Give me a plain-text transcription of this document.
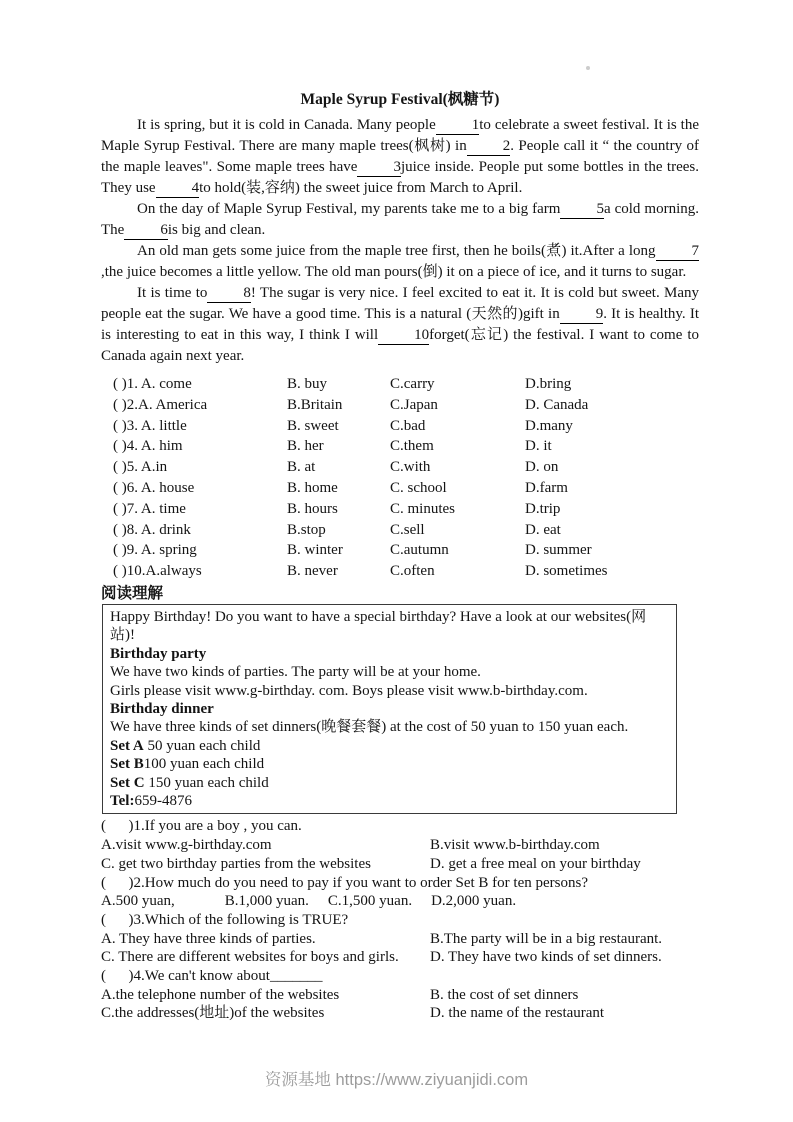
Maple Syrup Festival(枫糖节)
It is spring, but it is cold in Canada. Many people 1to celebrate a sweet festival. It is the Maple Syrup Festival. There are many maple trees(枫树) in 2. People call it “ the country of the maple leaves". Some maple trees have 3juice inside. People put some bottles in the trees. They use 4to hold(装,容纳) the sweet juice from March to April.
On the day of Maple Syrup Festival, my parents take me to a big farm 5a cold morning. The 6is big and clean.
An old man gets some juice from the maple tree first, then he boils(煮) it.After a long 7,the juice becomes a little yellow. The old man pours(倒) it on a piece of ice, and it turns to sugar.
It is time to 8! The sugar is very nice. I feel excited to eat it. It is cold but sweet. Many people eat the sugar. We have a good time. This is a natural (天然的)gift in 9. It is healthy. It is interesting to eat in this way, I think I will 10forget(忘记) the festival. I want to come to Canada again next year.
( )1. A. come	B. buy	C.carry	D.bring
( )2.A. America	B.Britain	C.Japan	D. Canada
( )3. A. little	B. sweet	C.bad	D.many
( )4. A. him	B. her	C.them	D. it
( )5. A.in	B. at	C.with	D. on
( )6. A. house	B. home	C. school	D.farm
( )7. A. time	B. hours	C. minutes	D.trip
( )8. A. drink	B.stop	C.sell	D. eat
( )9. A. spring	B. winter	C.autumn	D. summer
( )10.A.always	B. never	C.often	D. sometimes
阅读理解
Happy Birthday! Do you want to have a special birthday? Have a look at our websites(网站)!
Birthday party
We have two kinds of parties. The party will be at your home.
Girls please visit www.g-birthday. com. Boys please visit www.b-birthday.com.
Birthday dinner
We have three kinds of set dinners(晚餐套餐) at the cost of 50 yuan to 150 yuan each.
Set A 50 yuan each child
Set B100 yuan each child
Set C 150 yuan each child
Tel:659-4876
(      )1.If you are a boy , you can.
A.visit www.g-birthday.com	B.visit www.b-birthday.com
C. get two birthday parties from the websites	D. get a free meal on your birthday
(      )2.How much do you need to pay if you want to order Set B for ten persons?
A.500 yuan,	B.1,000 yuan. C.1,500 yuan. D.2,000 yuan.
(      )3.Which of the following is TRUE?
A. They have three kinds of parties.	B.The party will be in a big restaurant.
C. There are different websites for boys and girls.	D. They have two kinds of set dinners.
(      )4.We can't know about_______
A.the telephone number of the websites	B. the cost of set dinners
C.the addresses(地址)of the websites	D. the name of the restaurant
资源基地 https://www.ziyuanjidi.com
